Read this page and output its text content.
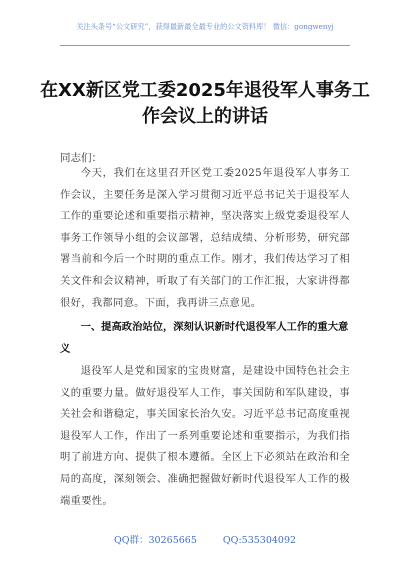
关注头条号“公文研究”，获得最新最全最专业的公文资料库！ 微信：gongwenyj
在XX新区党工委2025年退役军人事务工作会议上的讲话
同志们：
今天，我们在这里召开区党工委2025年退役军人事务工作会议，主要任务是深入学习贯彻习近平总书记关于退役军人工作的重要论述和重要指示精神，坚决落实上级党委退役军人事务工作领导小组的会议部署，总结成绩、分析形势，研究部署当前和今后一个时期的重点工作。刚才，我们传达学习了相关文件和会议精神，听取了有关部门的工作汇报，大家讲得都很好，我都同意。下面，我再讲三点意见。
一、提高政治站位，深刻认识新时代退役军人工作的重大意义
退役军人是党和国家的宝贵财富，是建设中国特色社会主义的重要力量。做好退役军人工作，事关国防和军队建设，事关社会和谐稳定，事关国家长治久安。习近平总书记高度重视退役军人工作，作出了一系列重要论述和重要指示，为我们指明了前进方向、提供了根本遵循。全区上下必须站在政治和全局的高度，深刻领会、准确把握做好新时代退役军人工作的极端重要性。
QQ群：30265665	QQ:535304092
